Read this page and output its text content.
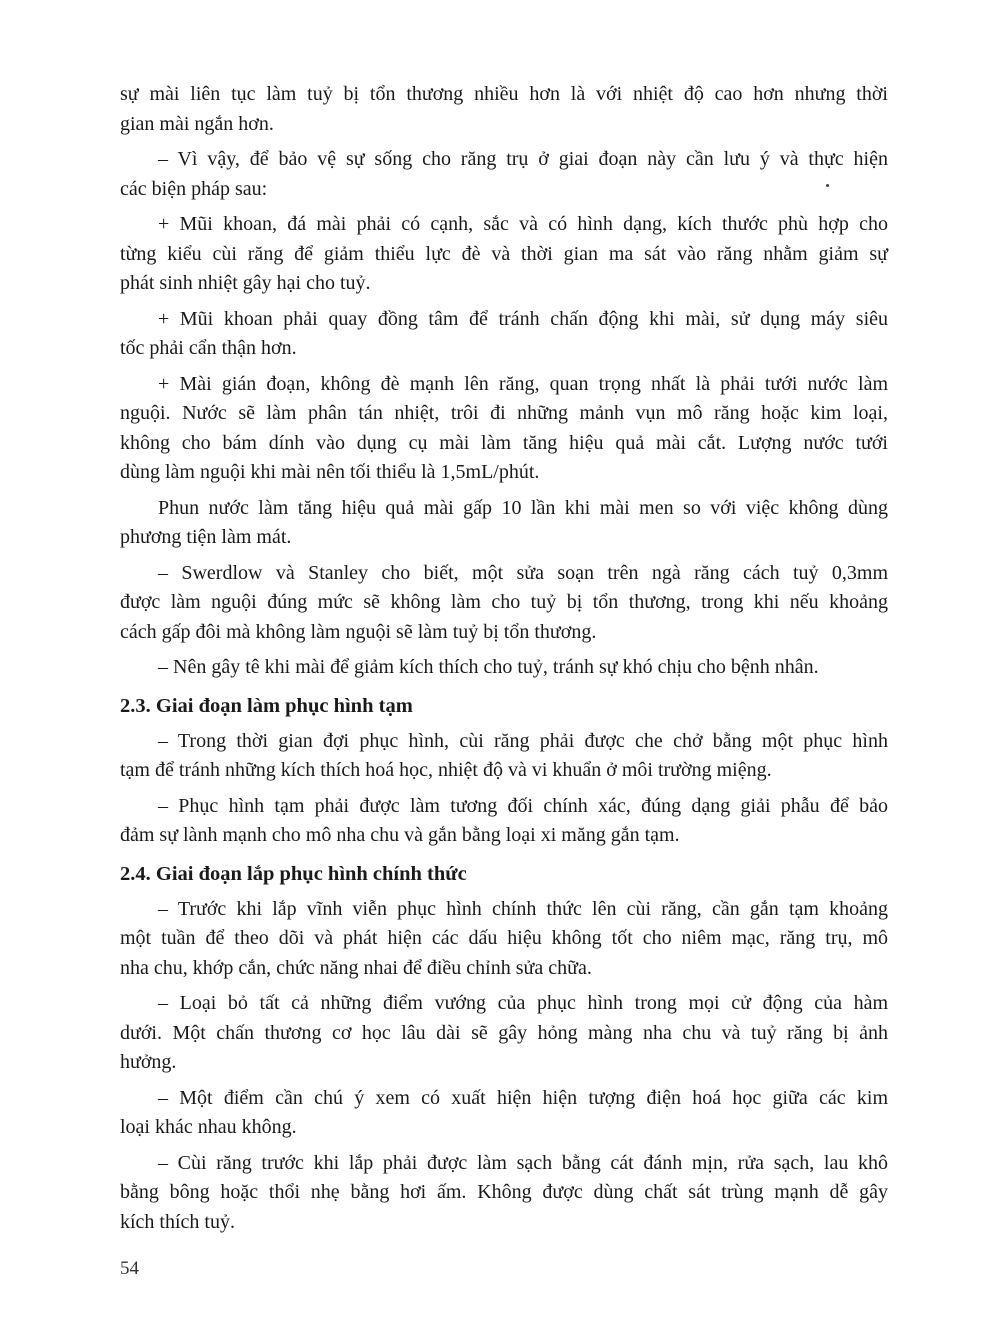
sự mài liên tục làm tuỷ bị tổn thương nhiều hơn là với nhiệt độ cao hơn nhưng thời
gian mài ngắn hơn.
– Vì vậy, để bảo vệ sự sống cho răng trụ ở giai đoạn này cần lưu ý và thực hiện
các biện pháp sau:
+ Mũi khoan, đá mài phải có cạnh, sắc và có hình dạng, kích thước phù hợp cho
từng kiểu cùi răng để giảm thiểu lực đè và thời gian ma sát vào răng nhằm giảm sự
phát sinh nhiệt gây hại cho tuỷ.
+ Mũi khoan phải quay đồng tâm để tránh chấn động khi mài, sử dụng máy siêu
tốc phải cẩn thận hơn.
+ Mài gián đoạn, không đè mạnh lên răng, quan trọng nhất là phải tưới nước làm
nguội. Nước sẽ làm phân tán nhiệt, trôi đi những mảnh vụn mô răng hoặc kim loại,
không cho bám dính vào dụng cụ mài làm tăng hiệu quả mài cắt. Lượng nước tưới
dùng làm nguội khi mài nên tối thiểu là 1,5mL/phút.
Phun nước làm tăng hiệu quả mài gấp 10 lần khi mài men so với việc không dùng
phương tiện làm mát.
– Swerdlow và Stanley cho biết, một sửa soạn trên ngà răng cách tuỷ 0,3mm
được làm nguội đúng mức sẽ không làm cho tuỷ bị tổn thương, trong khi nếu khoảng
cách gấp đôi mà không làm nguội sẽ làm tuỷ bị tổn thương.
– Nên gây tê khi mài để giảm kích thích cho tuỷ, tránh sự khó chịu cho bệnh nhân.
2.3. Giai đoạn làm phục hình tạm
– Trong thời gian đợi phục hình, cùi răng phải được che chở bằng một phục hình
tạm để tránh những kích thích hoá học, nhiệt độ và vi khuẩn ở môi trường miệng.
– Phục hình tạm phải được làm tương đối chính xác, đúng dạng giải phẫu để bảo
đảm sự lành mạnh cho mô nha chu và gắn bằng loại xi măng gắn tạm.
2.4. Giai đoạn lắp phục hình chính thức
– Trước khi lắp vĩnh viễn phục hình chính thức lên cùi răng, cần gắn tạm khoảng
một tuần để theo dõi và phát hiện các dấu hiệu không tốt cho niêm mạc, răng trụ, mô
nha chu, khớp cắn, chức năng nhai để điều chỉnh sửa chữa.
– Loại bỏ tất cả những điểm vướng của phục hình trong mọi cử động của hàm
dưới. Một chấn thương cơ học lâu dài sẽ gây hỏng màng nha chu và tuỷ răng bị ảnh
hưởng.
– Một điểm cần chú ý xem có xuất hiện hiện tượng điện hoá học giữa các kim
loại khác nhau không.
– Cùi răng trước khi lắp phải được làm sạch bằng cát đánh mịn, rửa sạch, lau khô
bằng bông hoặc thổi nhẹ bằng hơi ấm. Không được dùng chất sát trùng mạnh dễ gây
kích thích tuỷ.
54
